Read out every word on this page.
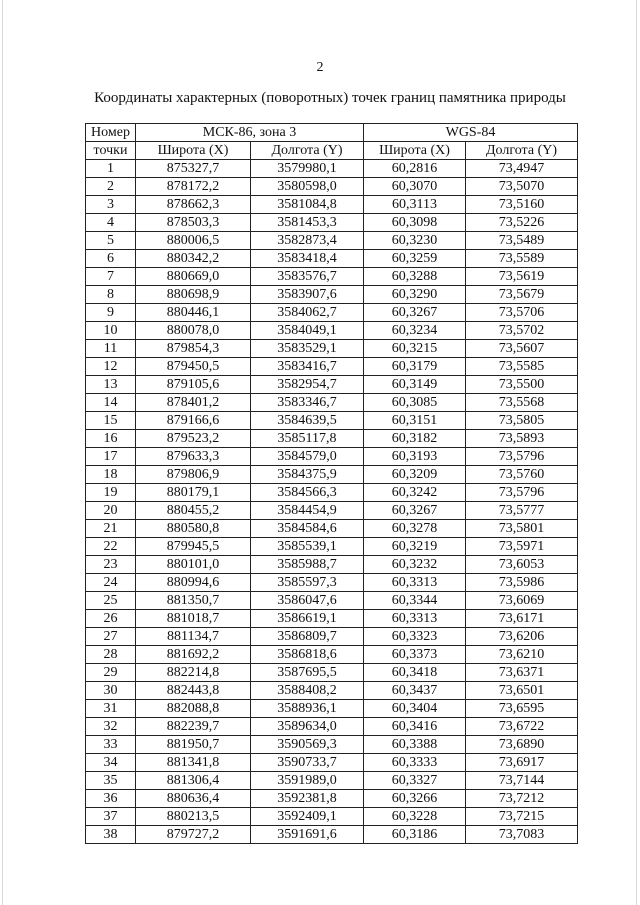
2
Координаты характерных (поворотных) точек границ памятника природы
Номер	МСК-86, зона 3		WGS-84	
точки	Широта (X)	Долгота (Y)	Широта (X)	Долгота (Y)
1	875327,7	3579980,1	60,2816	73,4947
2	878172,2	3580598,0	60,3070	73,5070
3	878662,3	3581084,8	60,3113	73,5160
4	878503,3	3581453,3	60,3098	73,5226
5	880006,5	3582873,4	60,3230	73,5489
6	880342,2	3583418,4	60,3259	73,5589
7	880669,0	3583576,7	60,3288	73,5619
8	880698,9	3583907,6	60,3290	73,5679
9	880446,1	3584062,7	60,3267	73,5706
10	880078,0	3584049,1	60,3234	73,5702
11	879854,3	3583529,1	60,3215	73,5607
12	879450,5	3583416,7	60,3179	73,5585
13	879105,6	3582954,7	60,3149	73,5500
14	878401,2	3583346,7	60,3085	73,5568
15	879166,6	3584639,5	60,3151	73,5805
16	879523,2	3585117,8	60,3182	73,5893
17	879633,3	3584579,0	60,3193	73,5796
18	879806,9	3584375,9	60,3209	73,5760
19	880179,1	3584566,3	60,3242	73,5796
20	880455,2	3584454,9	60,3267	73,5777
21	880580,8	3584584,6	60,3278	73,5801
22	879945,5	3585539,1	60,3219	73,5971
23	880101,0	3585988,7	60,3232	73,6053
24	880994,6	3585597,3	60,3313	73,5986
25	881350,7	3586047,6	60,3344	73,6069
26	881018,7	3586619,1	60,3313	73,6171
27	881134,7	3586809,7	60,3323	73,6206
28	881692,2	3586818,6	60,3373	73,6210
29	882214,8	3587695,5	60,3418	73,6371
30	882443,8	3588408,2	60,3437	73,6501
31	882088,8	3588936,1	60,3404	73,6595
32	882239,7	3589634,0	60,3416	73,6722
33	881950,7	3590569,3	60,3388	73,6890
34	881341,8	3590733,7	60,3333	73,6917
35	881306,4	3591989,0	60,3327	73,7144
36	880636,4	3592381,8	60,3266	73,7212
37	880213,5	3592409,1	60,3228	73,7215
38	879727,2	3591691,6	60,3186	73,7083
